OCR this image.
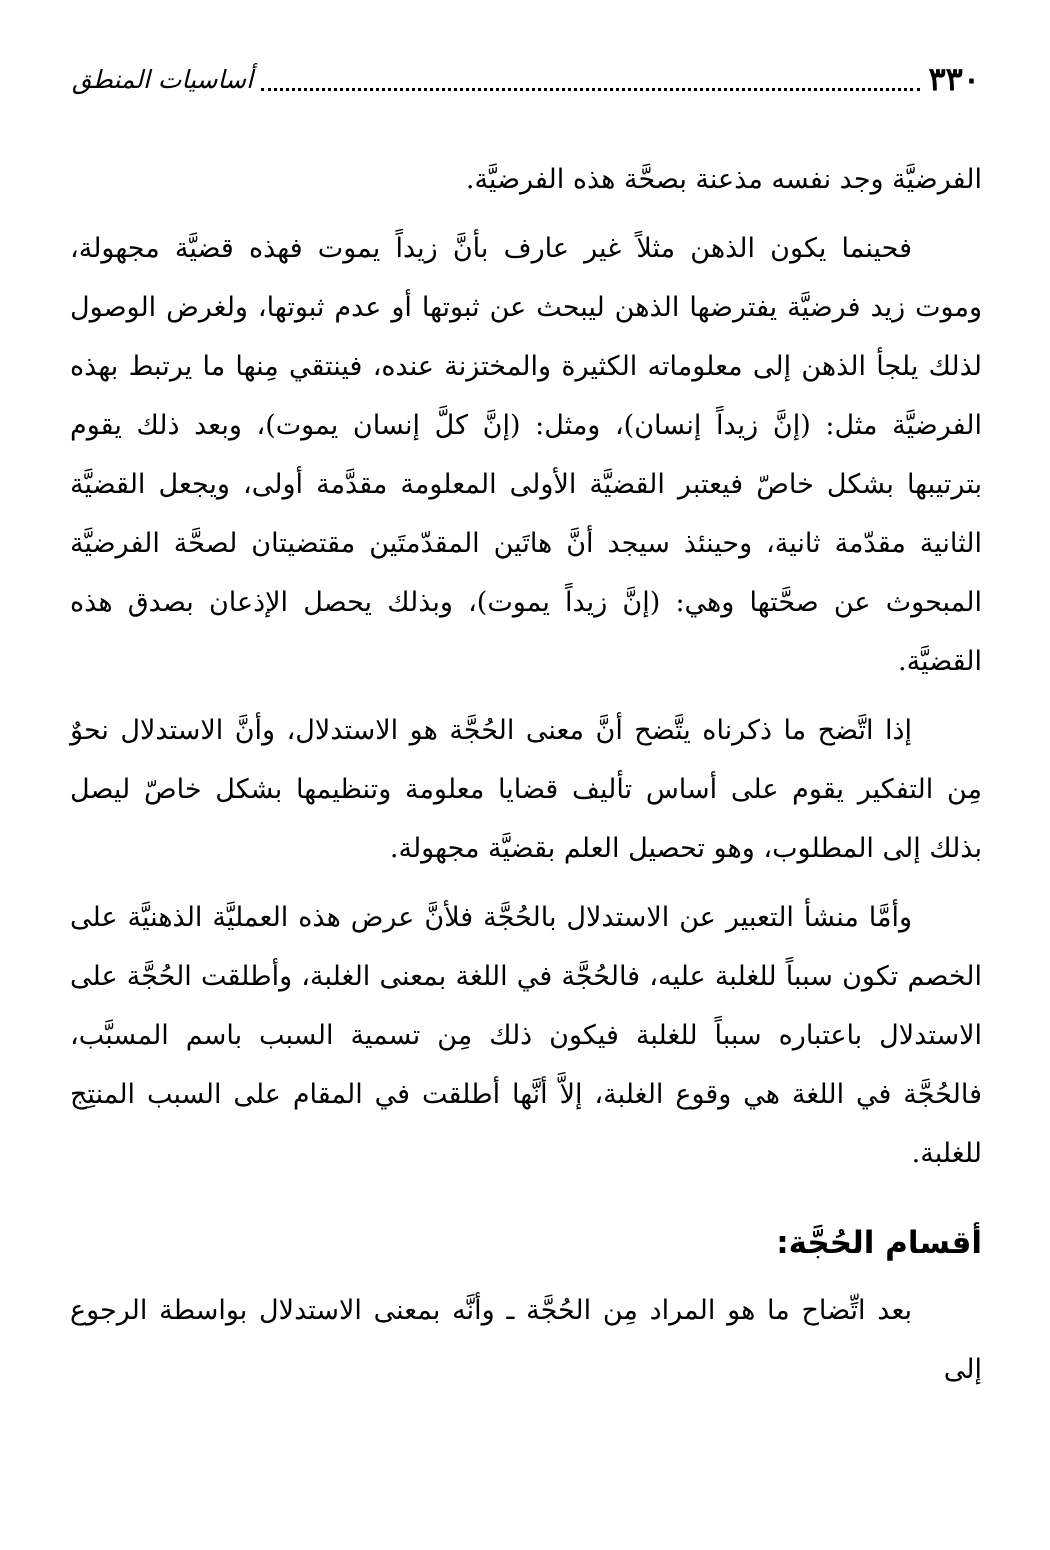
٣٣٠
أساسيات المنطق

الفرضيَّة وجد نفسه مذعنة بصحَّة هذه الفرضيَّة.

فحينما يكون الذهن مثلاً غير عارف بأنَّ زيداً يموت فهذه قضيَّة مجهولة، وموت زيد فرضيَّة يفترضها الذهن ليبحث عن ثبوتها أو عدم ثبوتها، ولغرض الوصول لذلك يلجأ الذهن إلى معلوماته الكثيرة والمختزنة عنده، فينتقي مِنها ما يرتبط بهذه الفرضيَّة مثل: (إنَّ زيداً إنسان)، ومثل: (إنَّ كلَّ إنسان يموت)، وبعد ذلك يقوم بترتيبها بشكل خاصّ فيعتبر القضيَّة الأولى المعلومة مقدَّمة أولى، ويجعل القضيَّة الثانية مقدّمة ثانية، وحينئذ سيجد أنَّ هاتَين المقدّمتَين مقتضيتان لصحَّة الفرضيَّة المبحوث عن صحَّتها وهي: (إنَّ زيداً يموت)، وبذلك يحصل الإذعان بصدق هذه القضيَّة.

إذا اتَّضح ما ذكرناه يتَّضح أنَّ معنى الحُجَّة هو الاستدلال، وأنَّ الاستدلال نحوٌ مِن التفكير يقوم على أساس تأليف قضايا معلومة وتنظيمها بشكل خاصّ ليصل بذلك إلى المطلوب، وهو تحصيل العلم بقضيَّة مجهولة.

وأمَّا منشأ التعبير عن الاستدلال بالحُجَّة فلأنَّ عرض هذه العمليَّة الذهنيَّة على الخصم تكون سبباً للغلبة عليه، فالحُجَّة في اللغة بمعنى الغلبة، وأطلقت الحُجَّة على الاستدلال باعتباره سبباً للغلبة فيكون ذلك مِن تسمية السبب باسم المسبَّب، فالحُجَّة في اللغة هي وقوع الغلبة، إلاَّ أنَّها أطلقت في المقام على السبب المنتِج للغلبة.

أقسام الحُجَّة:

بعد اتِّضاح ما هو المراد مِن الحُجَّة ـ وأنَّه بمعنى الاستدلال بواسطة الرجوع إلى
